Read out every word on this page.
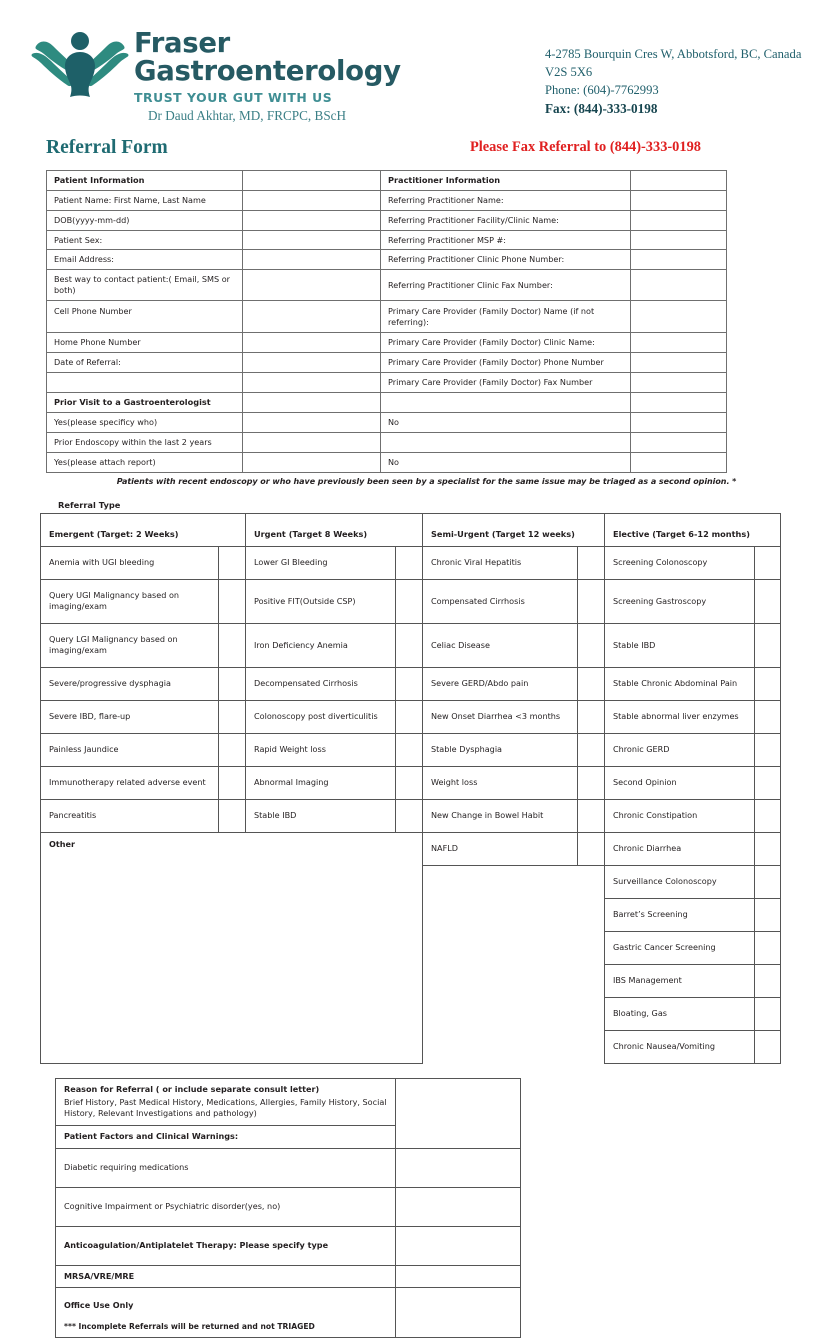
Fraser Gastroenterology
TRUST YOUR GUT WITH US
Dr Daud Akhtar, MD, FRCPC, BScH
4-2785 Bourquin Cres W, Abbotsford, BC, Canada V2S 5X6
Phone: (604)-7762993
Fax: (844)-333-0198
Referral Form	Please Fax Referral to (844)-333-0198
Patient Information		Practitioner Information	
Patient Name: First Name, Last Name		Referring Practitioner Name:	
DOB(yyyy-mm-dd)		Referring Practitioner Facility/Clinic Name:	
Patient Sex:		Referring Practitioner MSP #:	
Email Address:		Referring Practitioner Clinic Phone Number:	
Best way to contact patient:( Email, SMS or both)		Referring Practitioner Clinic Fax Number:	
Cell Phone Number		Primary Care Provider (Family Doctor) Name (if not referring):	
Home Phone Number		Primary Care Provider (Family Doctor) Clinic Name:	
Date of Referral:		Primary Care Provider (Family Doctor) Phone Number	
		Primary Care Provider (Family Doctor) Fax Number	
Prior Visit to a Gastroenterologist			
Yes(please specificy who)		No	
Prior Endoscopy within the last 2 years			
Yes(please attach report)		No	
Patients with recent endoscopy or who have previously been seen by a specialist for the same issue may be triaged as a second opinion. *
Referral Type
Emergent (Target: 2 Weeks)		Urgent (Target 8 Weeks)		Semi-Urgent (Target 12 weeks)		Elective (Target 6-12 months)	
Anemia with UGI bleeding		Lower GI Bleeding		Chronic Viral Hepatitis		Screening Colonoscopy	
Query UGI Malignancy based on imaging/exam		Positive FIT(Outside CSP)		Compensated Cirrhosis		Screening Gastroscopy	
Query LGI Malignancy based on imaging/exam		Iron Deficiency Anemia		Celiac Disease		Stable IBD	
Severe/progressive dysphagia		Decompensated Cirrhosis		Severe GERD/Abdo pain		Stable Chronic Abdominal Pain	
Severe IBD, flare-up		Colonoscopy post diverticulitis		New Onset Diarrhea <3 months		Stable abnormal liver enzymes	
Painless Jaundice		Rapid Weight loss		Stable Dysphagia		Chronic GERD	
Immunotherapy related adverse event		Abnormal Imaging		Weight loss		Second Opinion	
Pancreatitis		Stable IBD		New Change in Bowel Habit		Chronic Constipation	
Other				NAFLD		Chronic Diarrhea	
						Surveillance Colonoscopy	
						Barret’s Screening	
						Gastric Cancer Screening	
						IBS Management	
						Bloating, Gas	
						Chronic Nausea/Vomiting	
Reason for Referral ( or include separate consult letter)
Brief History, Past Medical History, Medications, Allergies, Family History, Social History, Relevant Investigations and pathology)	

Patient Factors and Clinical Warnings:	
Diabetic requiring medications	
Cognitive Impairment or Psychiatric disorder(yes, no)	
Anticoagulation/Antiplatelet Therapy: Please specify type	
MRSA/VRE/MRE	

Office Use Only
*** Incomplete Referrals will be returned and not TRIAGED	
